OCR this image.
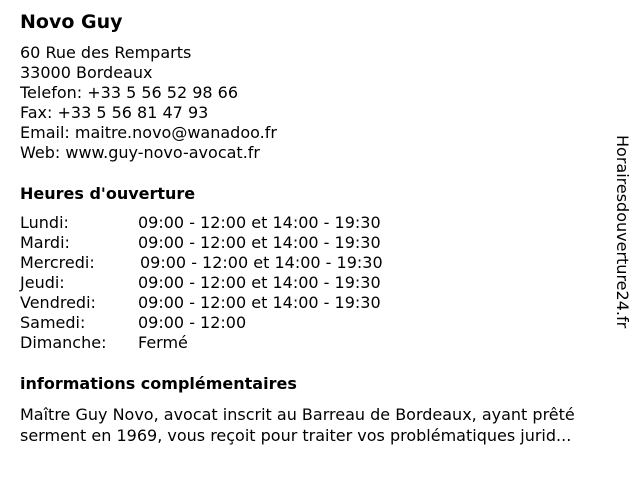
Novo Guy
60 Rue des Remparts
33000 Bordeaux
Telefon: +33 5 56 52 98 66
Fax: +33 5 56 81 47 93
Email: maitre.novo@wanadoo.fr
Web: www.guy-novo-avocat.fr
Heures d'ouverture
Lundi:	09:00 - 12:00 et 14:00 - 19:30
Mardi:	09:00 - 12:00 et 14:00 - 19:30
Mercredi:	09:00 - 12:00 et 14:00 - 19:30
Jeudi:	09:00 - 12:00 et 14:00 - 19:30
Vendredi:	09:00 - 12:00 et 14:00 - 19:30
Samedi:	09:00 - 12:00
Dimanche: Fermé
informations complémentaires
Maître Guy Novo, avocat inscrit au Barreau de Bordeaux, ayant prêté
serment en 1969, vous reçoit pour traiter vos problématiques jurid...
Horairesdouverture24.fr
